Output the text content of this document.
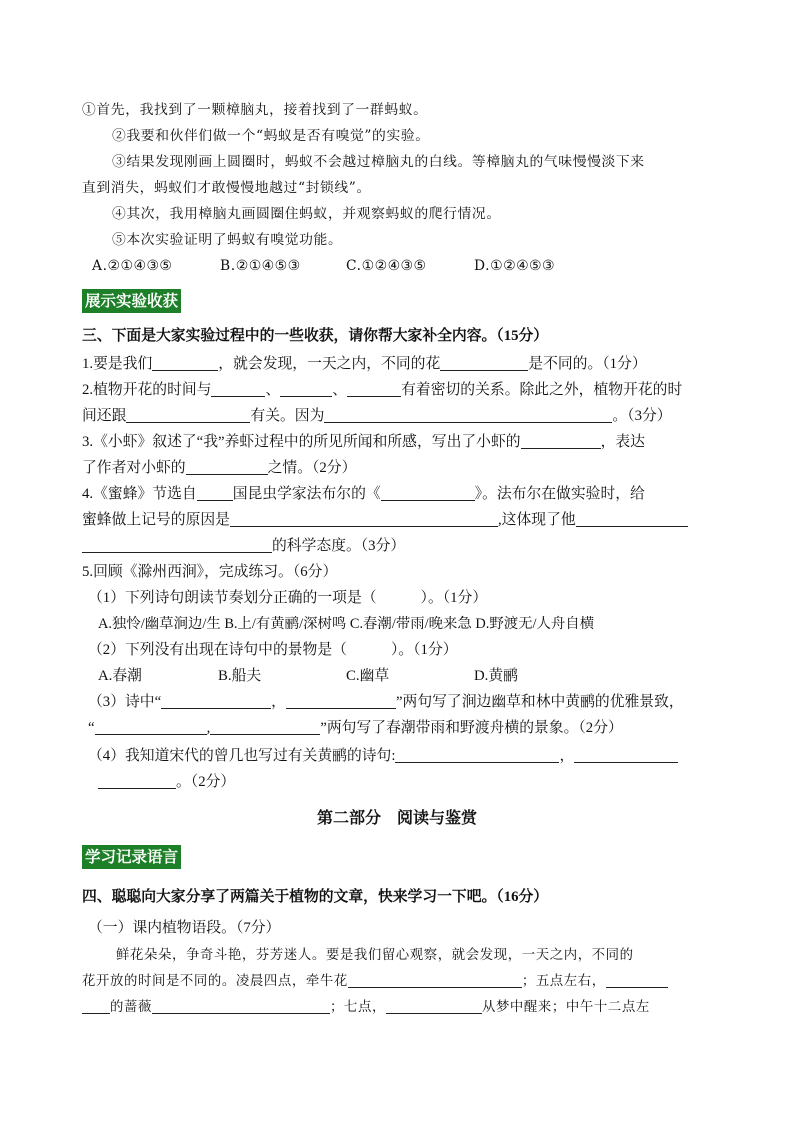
①首先，我找到了一颗樟脑丸，接着找到了一群蚂蚁。
②我要和伙伴们做一个“蚂蚁是否有嗅觉”的实验。
③结果发现刚画上圆圈时，蚂蚁不会越过樟脑丸的白线。等樟脑丸的气味慢慢淡下来
直到消失，蚂蚁们才敢慢慢地越过“封锁线”。
④其次，我用樟脑丸画圆圈住蚂蚁，并观察蚂蚁的爬行情况。
⑤本次实验证明了蚂蚁有嗅觉功能。
A.②①④③⑤	B.②①④⑤③	C.①②④③⑤	D.①②④⑤③
展示实验收获
三、下面是大家实验过程中的一些收获，请你帮大家补全内容。（15分）
1.要是我们	，就会发现，一天之内，不同的花	是不同的。（1分）
2.植物开花的时间与	、	、	有着密切的关系。除此之外，植物开花的时
间还跟	有关。因为	。（3分）
3.《小虾》叙述了“我”养虾过程中的所见所闻和所感，写出了小虾的	，表达
了作者对小虾的	之情。（2分）
4.《蜜蜂》节选自 国昆虫学家法布尔的《	》。法布尔在做实验时，给
蜜蜂做上记号的原因是	,这体现了他
的科学态度。（3分）
5.回顾《滁州西涧》，完成练习。（6分）
（1）下列诗句朗读节奏划分正确的一项是（	）。（1分）
A.独怜/幽草涧边/生 B.上/有黄鹂/深树鸣 C.春潮/带雨/晚来急 D.野渡无/人舟自横
（2）下列没有出现在诗句中的景物是（	）。（1分）
A.春潮	B.船夫	C.幽草	D.黄鹂
（3）诗中“	，	”两句写了涧边幽草和林中黄鹂的优雅景致，
“	,	”两句写了春潮带雨和野渡舟横的景象。（2分）
（4）我知道宋代的曾几也写过有关黄鹂的诗句:	，
。（2分）
第二部分　阅读与鉴赏
学习记录语言
四、聪聪向大家分享了两篇关于植物的文章，快来学习一下吧。（16分）
（一）课内植物语段。（7分）
鲜花朵朵，争奇斗艳，芬芳迷人。要是我们留心观察，就会发现，一天之内，不同的
花开放的时间是不同的。凌晨四点，牵牛花	；五点左右，
的蔷薇	；七点，	从梦中醒来；中午十二点左
